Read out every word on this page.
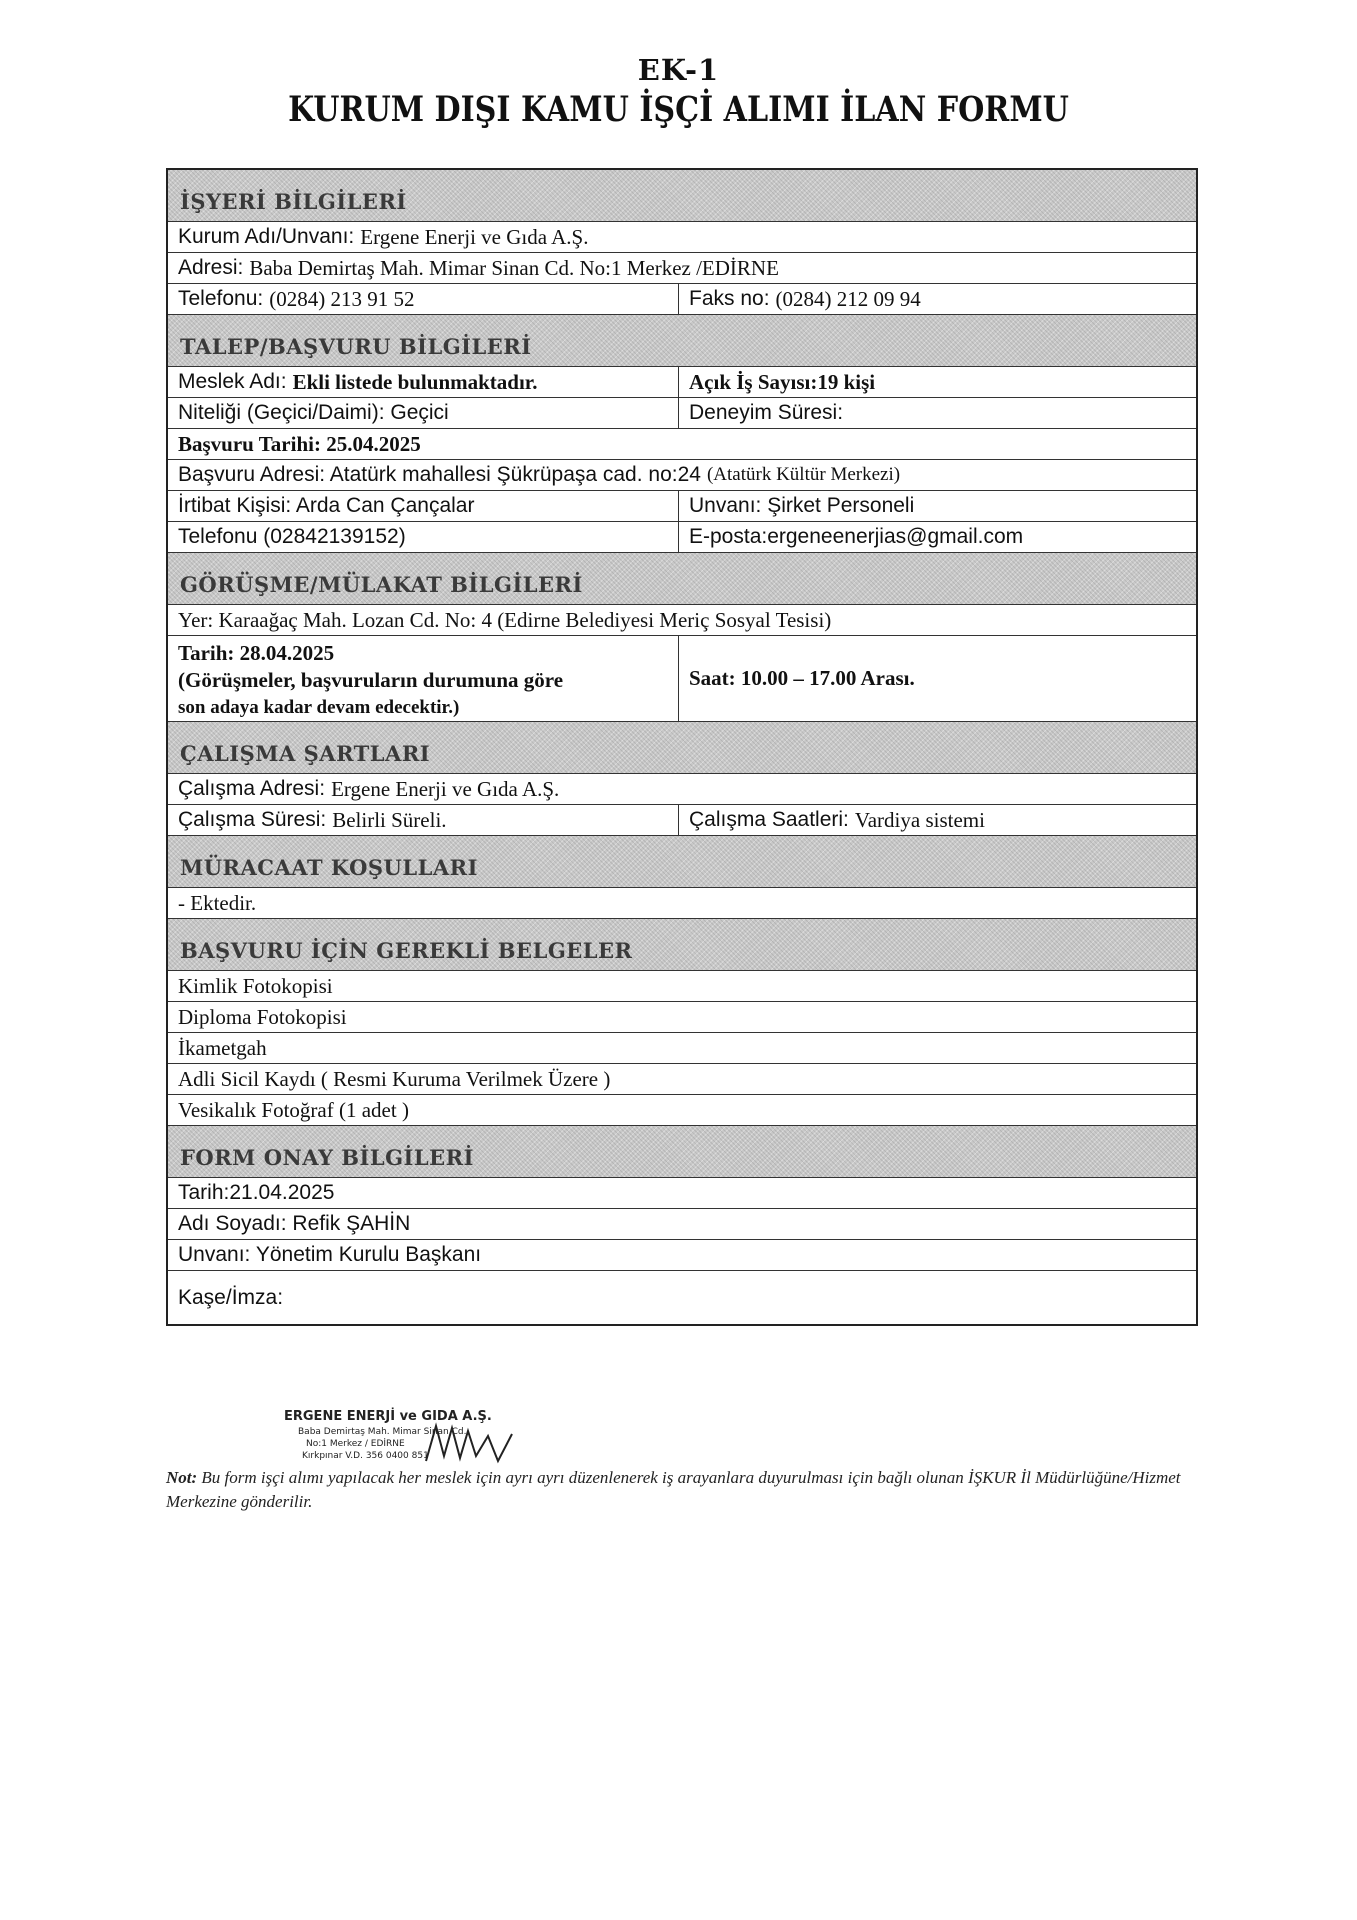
EK-1
KURUM DIŞI KAMU İŞÇİ ALIMI İLAN FORMU
İŞYERİ BİLGİLERİ
Kurum Adı/Unvanı: Ergene Enerji ve Gıda A.Ş.
Adresi: Baba Demirtaş Mah. Mimar Sinan Cd. No:1 Merkez /EDİRNE
Telefonu: (0284) 213 91 52	Faks no: (0284) 212 09 94
TALEP/BAŞVURU BİLGİLERİ
Meslek Adı: Ekli listede bulunmaktadır.	Açık İş Sayısı:19 kişi
Niteliği (Geçici/Daimi): Geçici	Deneyim Süresi:
Başvuru Tarihi: 25.04.2025
Başvuru Adresi: Atatürk mahallesi Şükrüpaşa cad. no:24 (Atatürk Kültür Merkezi)
İrtibat Kişisi: Arda Can Çançalar	Unvanı: Şirket Personeli
Telefonu (02842139152)	E-posta:ergeneenerjias@gmail.com
GÖRÜŞME/MÜLAKAT BİLGİLERİ
Yer: Karaağaç Mah. Lozan Cd. No: 4 (Edirne Belediyesi Meriç Sosyal Tesisi)
Tarih: 28.04.2025
(Görüşmeler, başvuruların durumuna göre
son adaya kadar devam edecektir.)
Saat: 10.00 – 17.00 Arası.
ÇALIŞMA ŞARTLARI
Çalışma Adresi: Ergene Enerji ve Gıda A.Ş.
Çalışma Süresi: Belirli Süreli.	Çalışma Saatleri: Vardiya sistemi
MÜRACAAT KOŞULLARI
- Ektedir.
BAŞVURU İÇİN GEREKLİ BELGELER
Kimlik Fotokopisi
Diploma Fotokopisi
İkametgah
Adli Sicil Kaydı ( Resmi Kuruma Verilmek Üzere )
Vesikalık Fotoğraf (1 adet )
FORM ONAY BİLGİLERİ
Tarih:21.04.2025
Adı Soyadı: Refik ŞAHİN
Unvanı: Yönetim Kurulu Başkanı
Kaşe/İmza:
ERGENE ENERJİ ve GIDA A.Ş.
Baba Demirtaş Mah. Mimar Sinan Cd.
No:1 Merkez / EDİRNE
Kırkpınar V.D. 356 0400 851
Not: Bu form işçi alımı yapılacak her meslek için ayrı ayrı düzenlenerek iş arayanlara duyurulması için bağlı olunan İŞKUR İl Müdürlüğüne/Hizmet Merkezine gönderilir.
